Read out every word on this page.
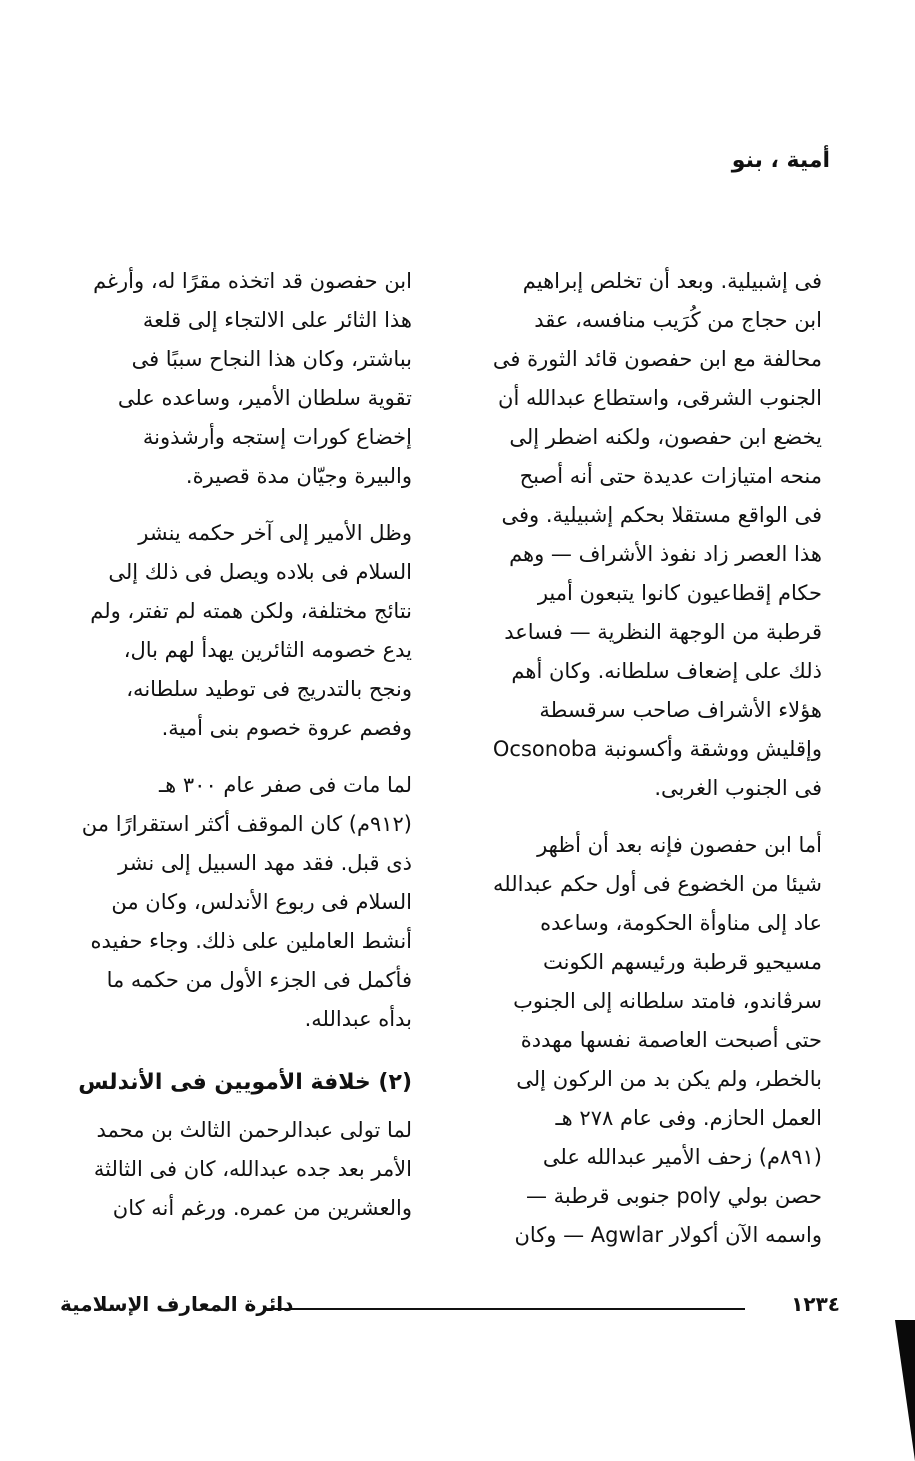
أمية ، بنو
فى إشبيلية. وبعد أن تخلص إبراهيم
ابن حجاج من كُرَيب منافسه، عقد
محالفة مع ابن حفصون قائد الثورة فى
الجنوب الشرقى، واستطاع عبدالله أن
يخضع ابن حفصون، ولكنه اضطر إلى
منحه امتيازات عديدة حتى أنه أصبح
فى الواقع مستقلا بحكم إشبيلية. وفى
هذا العصر زاد نفوذ الأشراف — وهم
حكام إقطاعيون كانوا يتبعون أمير
قرطبة من الوجهة النظرية — فساعد
ذلك على إضعاف سلطانه. وكان أهم
هؤلاء الأشراف صاحب سرقسطة
وإقليش ووشقة وأكسونبة Ocsonoba
فى الجنوب الغربى.
أما ابن حفصون فإنه بعد أن أظهر
شيئا من الخضوع فى أول حكم عبدالله
عاد إلى مناوأة الحكومة، وساعده
مسيحيو قرطبة ورئيسهم الكونت
سرڤاندو، فامتد سلطانه إلى الجنوب
حتى أصبحت العاصمة نفسها مهددة
بالخطر، ولم يكن بد من الركون إلى
العمل الحازم. وفى عام ٢٧٨ هـ
(٨٩١م) زحف الأمير عبدالله على
حصن بولي poly جنوبى قرطبة —
واسمه الآن أكولار Agwlar — وكان
ابن حفصون قد اتخذه مقرًا له، وأرغم
هذا الثائر على الالتجاء إلى قلعة
بباشتر، وكان هذا النجاح سببًا فى
تقوية سلطان الأمير، وساعده على
إخضاع كورات إستجه وأرشذونة
والبيرة وجيّان مدة قصيرة.
وظل الأمير إلى آخر حكمه ينشر
السلام فى بلاده ويصل فى ذلك إلى
نتائج مختلفة، ولكن همته لم تفتر، ولم
يدع خصومه الثائرين يهدأ لهم بال،
ونجح بالتدريج فى توطيد سلطانه،
وفصم عروة خصوم بنى أمية.
لما مات فى صفر عام ٣٠٠ هـ
(٩١٢م) كان الموقف أكثر استقرارًا من
ذى قبل. فقد مهد السبيل إلى نشر
السلام فى ربوع الأندلس، وكان من
أنشط العاملين على ذلك. وجاء حفيده
فأكمل فى الجزء الأول من حكمه ما
بدأه عبدالله.
(٢) خلافة الأمويين فى الأندلس
لما تولى عبدالرحمن الثالث بن محمد
الأمر بعد جده عبدالله، كان فى الثالثة
والعشرين من عمره. ورغم أنه كان
١٢٣٤
دائرة المعارف الإسلامية
